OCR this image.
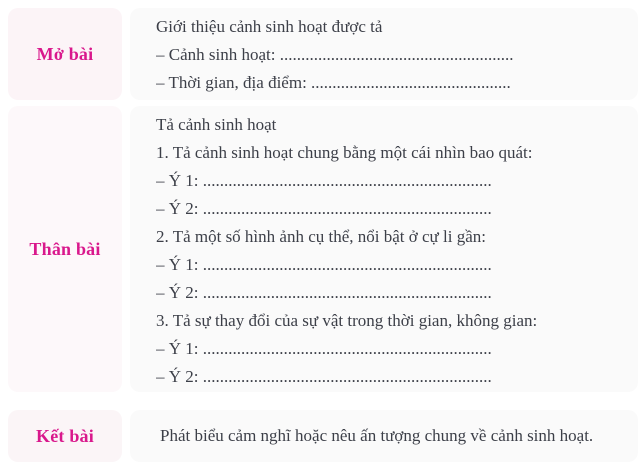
Mở bài
Giới thiệu cảnh sinh hoạt được tả
– Cảnh sinh hoạt: .......................................................
– Thời gian, địa điểm: ...............................................
Thân bài
Tả cảnh sinh hoạt
1. Tả cảnh sinh hoạt chung bằng một cái nhìn bao quát:
– Ý 1: ....................................................................
– Ý 2: ....................................................................
2. Tả một số hình ảnh cụ thể, nổi bật ở cự li gần:
– Ý 1: ....................................................................
– Ý 2: ....................................................................
3. Tả sự thay đổi của sự vật trong thời gian, không gian:
– Ý 1: ....................................................................
– Ý 2: ....................................................................
Kết bài	Phát biểu cảm nghĩ hoặc nêu ấn tượng chung về cảnh sinh hoạt.
